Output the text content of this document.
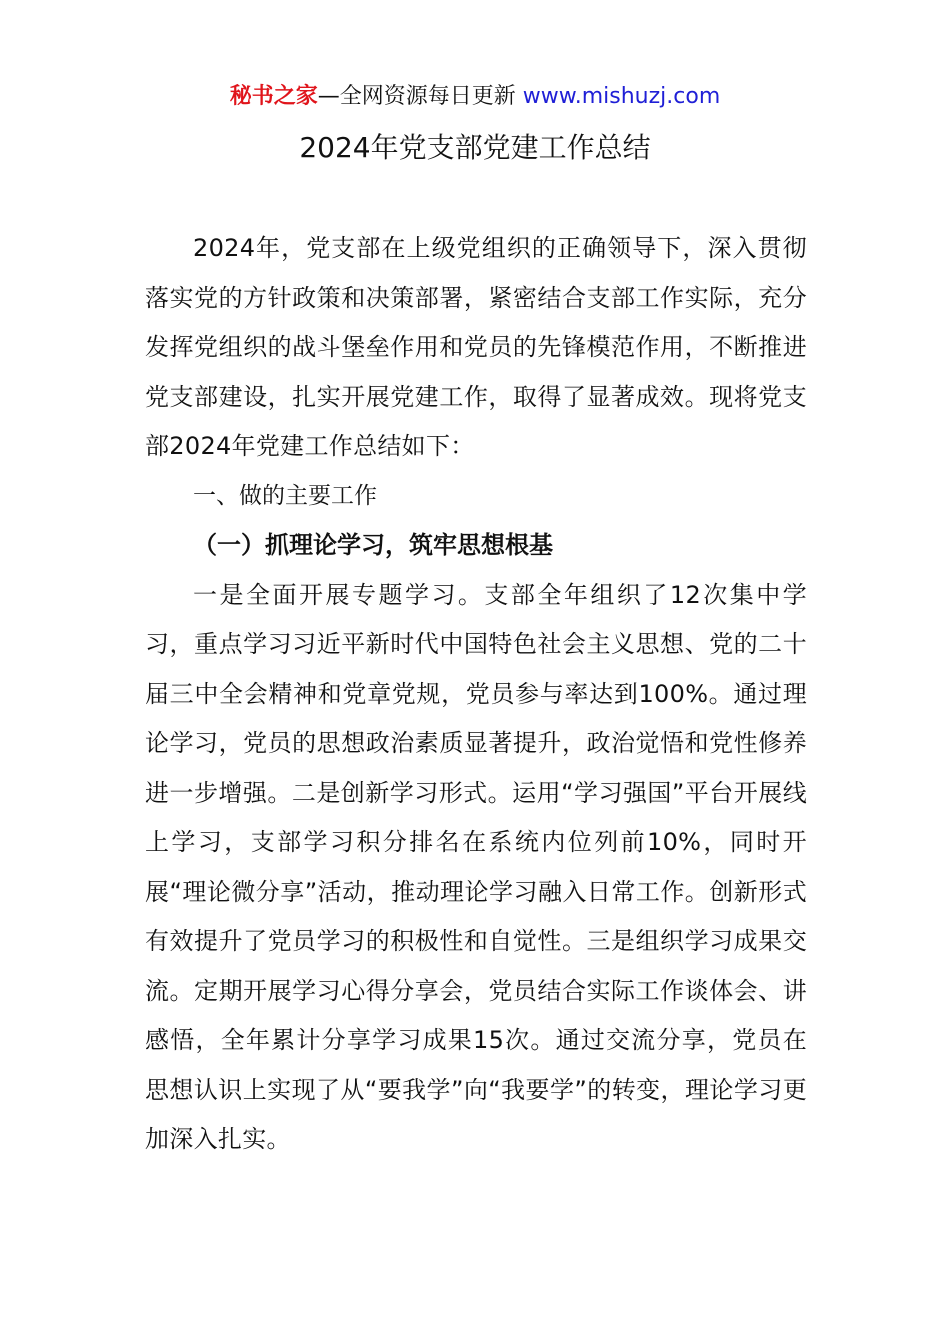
秘书之家—全网资源每日更新 www.mishuzj.com
2024年党支部党建工作总结

2024年，党支部在上级党组织的正确领导下，深入贯彻落实党的方针政策和决策部署，紧密结合支部工作实际，充分发挥党组织的战斗堡垒作用和党员的先锋模范作用，不断推进党支部建设，扎实开展党建工作，取得了显著成效。现将党支部2024年党建工作总结如下：

一、做的主要工作

（一）抓理论学习，筑牢思想根基

一是全面开展专题学习。支部全年组织了12次集中学习，重点学习习近平新时代中国特色社会主义思想、党的二十届三中全会精神和党章党规，党员参与率达到100%。通过理论学习，党员的思想政治素质显著提升，政治觉悟和党性修养进一步增强。二是创新学习形式。运用“学习强国”平台开展线上学习，支部学习积分排名在系统内位列前10%，同时开展“理论微分享”活动，推动理论学习融入日常工作。创新形式有效提升了党员学习的积极性和自觉性。三是组织学习成果交流。定期开展学习心得分享会，党员结合实际工作谈体会、讲感悟，全年累计分享学习成果15次。通过交流分享，党员在思想认识上实现了从“要我学”向“我要学”的转变，理论学习更加深入扎实。
